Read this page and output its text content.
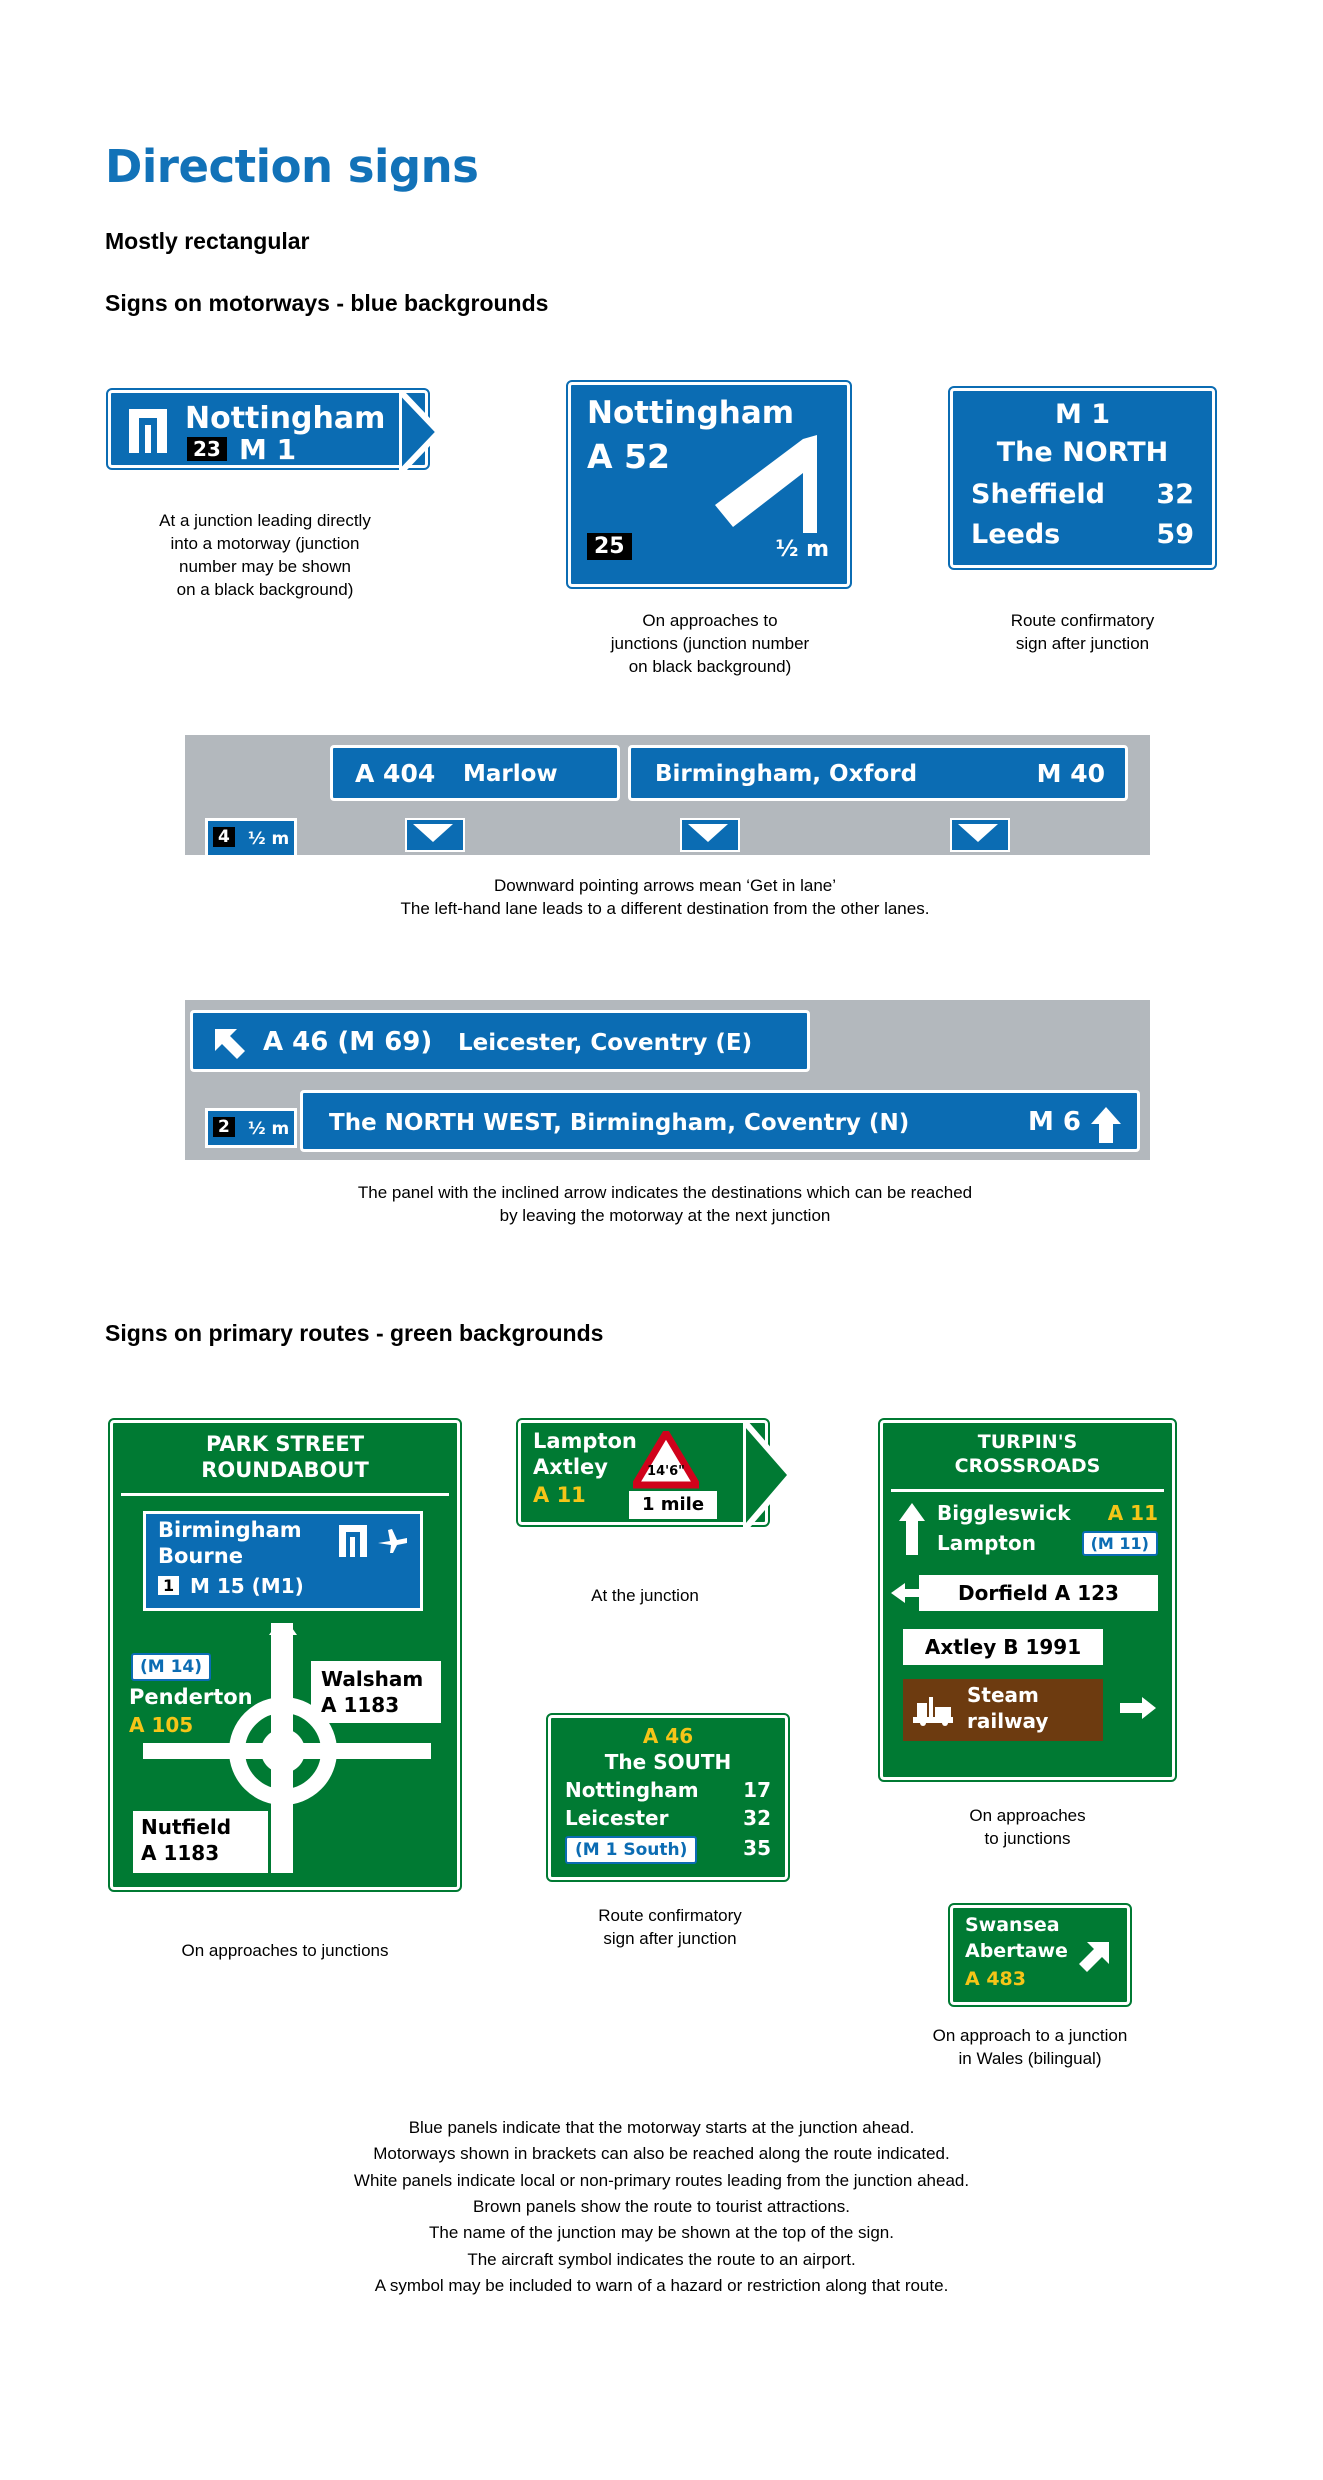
Direction signs
Mostly rectangular
Signs on motorways - blue backgrounds
Nottingham
23 M 1
At a junction leading directly
into a motorway (junction
number may be shown
on a black background)
Nottingham
A 52
25	½ m
On approaches to
junctions (junction number
on black background)
M 1
The NORTH
Sheffield 32
Leeds	59
Route confirmatory
sign after junction
A 404 Marlow	Birmingham, Oxford	M 40
4 ½ m
Downward pointing arrows mean ‘Get in lane’
The left-hand lane leads to a different destination from the other lanes.
A 46 (M 69) Leicester, Coventry (E)
The NORTH WEST, Birmingham, Coventry (N)	M 6
2 ½ m
The panel with the inclined arrow indicates the destinations which can be reached
by leaving the motorway at the next junction
Signs on primary routes - green backgrounds
PARK STREET
ROUNDABOUT
Birmingham
Bourne
1 M 15 (M1)
(M 14)
Penderton
A 105
Walsham
A 1183
Nutfield
A 1183
On approaches to junctions
Lampton
Axtley
A 11
14'6"
1 mile
At the junction
A 46
The SOUTH
Nottingham 17
Leicester	32
(M 1 South)	35
Route confirmatory
sign after junction
TURPIN'S
CROSSROADS
Biggleswick A 11
Lampton	(M 11)
Dorfield A 123
Axtley B 1991
Steam
railway
On approaches
to junctions
Swansea
Abertawe
A 483
On approach to a junction
in Wales (bilingual)
Blue panels indicate that the motorway starts at the junction ahead.
Motorways shown in brackets can also be reached along the route indicated.
White panels indicate local or non-primary routes leading from the junction ahead.
Brown panels show the route to tourist attractions.
The name of the junction may be shown at the top of the sign.
The aircraft symbol indicates the route to an airport.
A symbol may be included to warn of a hazard or restriction along that route.
